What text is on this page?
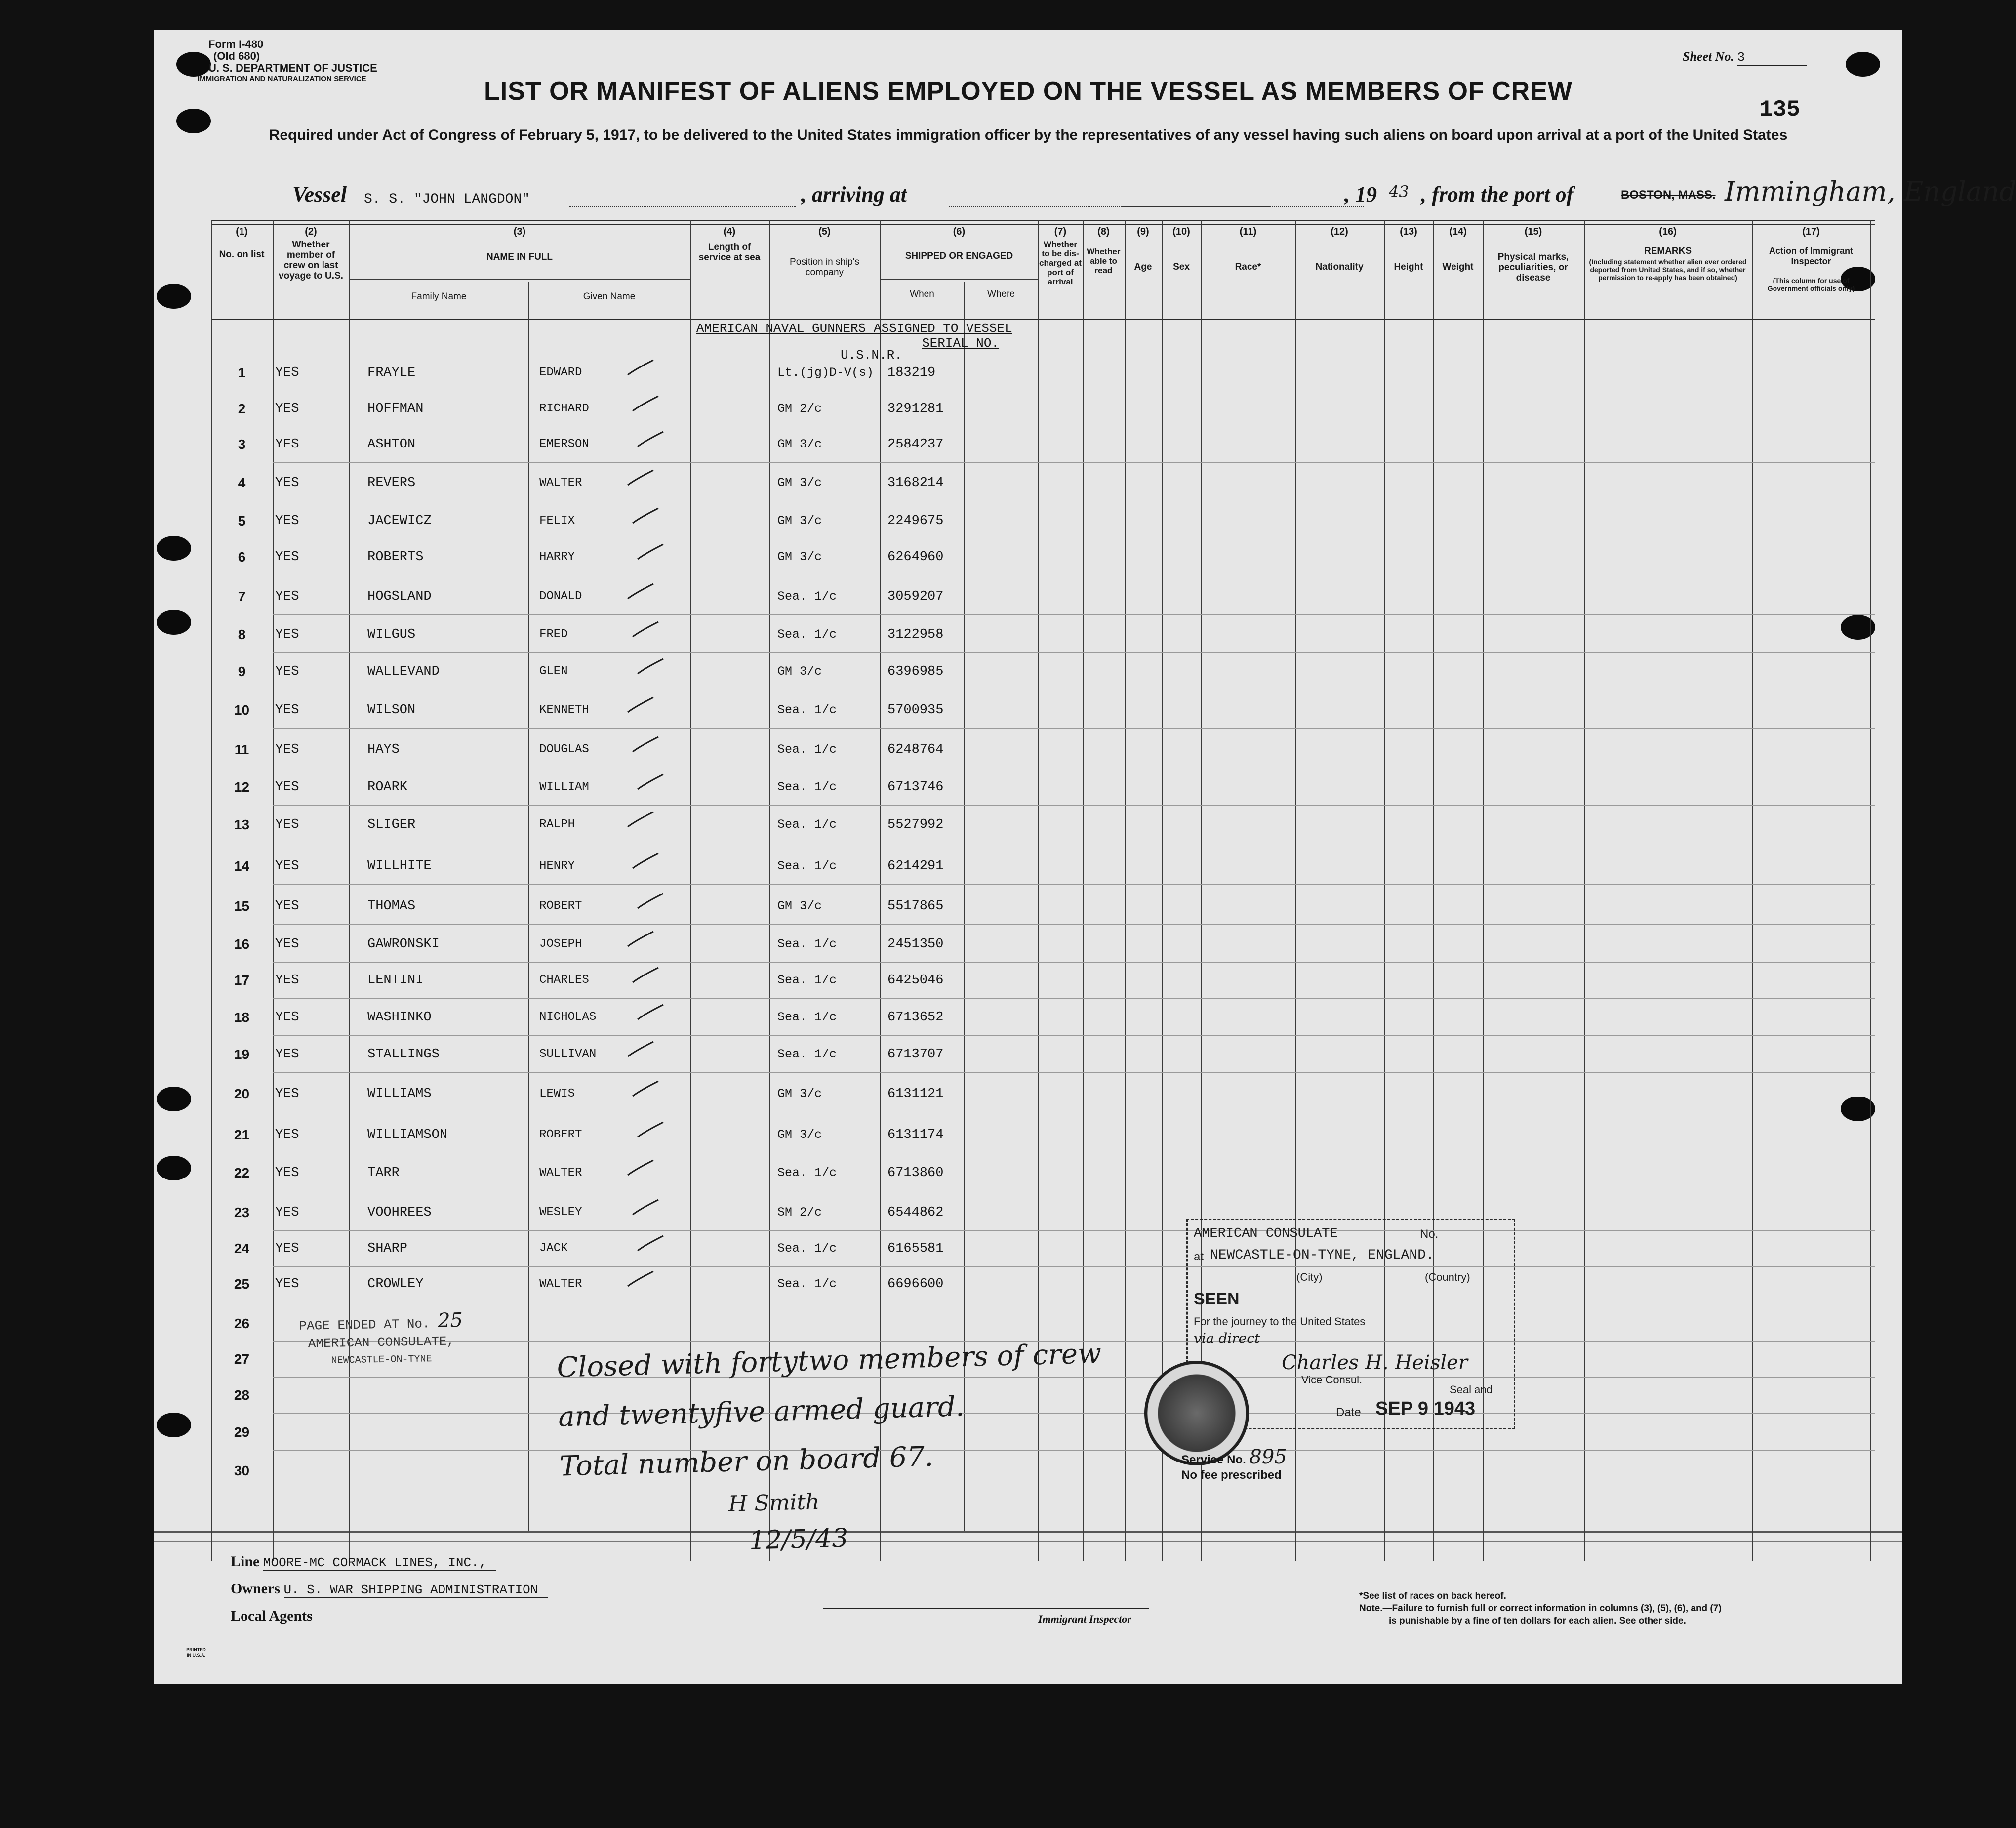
Form I-480
(Old 680)
U. S. DEPARTMENT OF JUSTICE
IMMIGRATION AND NATURALIZATION SERVICE
Sheet No. 3
135
LIST OR MANIFEST OF ALIENS EMPLOYED ON THE VESSEL AS MEMBERS OF CREW
Required under Act of Congress of February 5, 1917, to be delivered to the United States immigration officer by the representatives of any vessel having such aliens on board upon arrival at a port of the United States
Vessel S. S. "JOHN LANGDON"	, arriving at	, 19 43 , from the port of	BOSTON, MASS. Immingham, England
(1)
No. on list
(2)
Whether member of crew on last voyage to U.S.
(3)
NAME IN FULL
Family Name	Given Name
(4)
Length of service at sea
(5)
Position in ship's company
(6)
SHIPPED OR ENGAGED
When	Where
(7)
Whether to be dis-charged at port of arrival
(8)
Whether able to read
(9)
Age
(10)
Sex
(11)
Race*
(12)
Nationality
(13)
Height
(14)
Weight
(15)
Physical marks, peculiarities, or disease
(16)
REMARKS
(Including statement whether alien ever ordered deported from United States, and if so, whether permission to re-apply has been obtained)
(17)
Action of Immigrant Inspector
(This column for use of Government officials only)
AMERICAN NAVAL GUNNERS ASSIGNED TO VESSEL
SERIAL NO.
U.S.N.R.
1	YES	FRAYLE	EDWARD	Lt.(jg)D-V(s) 183219
2	YES	HOFFMAN	RICHARD	GM 2/c	3291281
3	YES	ASHTON	EMERSON	GM 3/c	2584237
4	YES	REVERS	WALTER	GM 3/c	3168214
5	YES	JACEWICZ	FELIX	GM 3/c	2249675
6	YES	ROBERTS	HARRY	GM 3/c	6264960
7	YES	HOGSLAND	DONALD	Sea. 1/c	3059207
8	YES	WILGUS	FRED	Sea. 1/c	3122958
9	YES	WALLEVAND	GLEN	GM 3/c	6396985
10	YES	WILSON	KENNETH	Sea. 1/c	5700935
11	YES	HAYS	DOUGLAS	Sea. 1/c	6248764
12	YES	ROARK	WILLIAM	Sea. 1/c	6713746
13	YES	SLIGER	RALPH	Sea. 1/c	5527992
14	YES	WILLHITE	HENRY	Sea. 1/c	6214291
15	YES	THOMAS	ROBERT	GM 3/c	5517865
16	YES	GAWRONSKI	JOSEPH	Sea. 1/c	2451350
17	YES	LENTINI	CHARLES	Sea. 1/c	6425046
18	YES	WASHINKO	NICHOLAS	Sea. 1/c	6713652
19	YES	STALLINGS	SULLIVAN	Sea. 1/c	6713707
20	YES	WILLIAMS	LEWIS	GM 3/c	6131121
21	YES	WILLIAMSON	ROBERT	GM 3/c	6131174
22	YES	TARR	WALTER	Sea. 1/c	6713860
23	YES	VOOHREES	WESLEY	SM 2/c	6544862
24	YES	SHARP	JACK	Sea. 1/c	6165581
25	YES	CROWLEY	WALTER	Sea. 1/c	6696600
26
27
28
29
30
PAGE ENDED AT No. 25
AMERICAN CONSULATE,
NEWCASTLE-ON-TYNE	Closed with fortytwo members of crew
and twentyfive armed guard.
Total number on board 67.
H Smith
12/5/43
AMERICAN CONSULATE	No.
at NEWCASTLE-ON-TYNE, ENGLAND.
(City)	(Country)
SEEN
For the journey to the United States
via direct
Charles H. Heisler
Vice Consul.
Seal and
Date SEP 9 1943
Service No. 895
No fee prescribed
Line MOORE-MC CORMACK LINES, INC.,
Owners U. S. WAR SHIPPING ADMINISTRATION
Local Agents	Immigrant Inspector
*See list of races on back hereof.
Note.—Failure to furnish full or correct information in columns (3), (5), (6), and (7)
is punishable by a fine of ten dollars for each alien. See other side.
PRINTED IN U.S.A.
